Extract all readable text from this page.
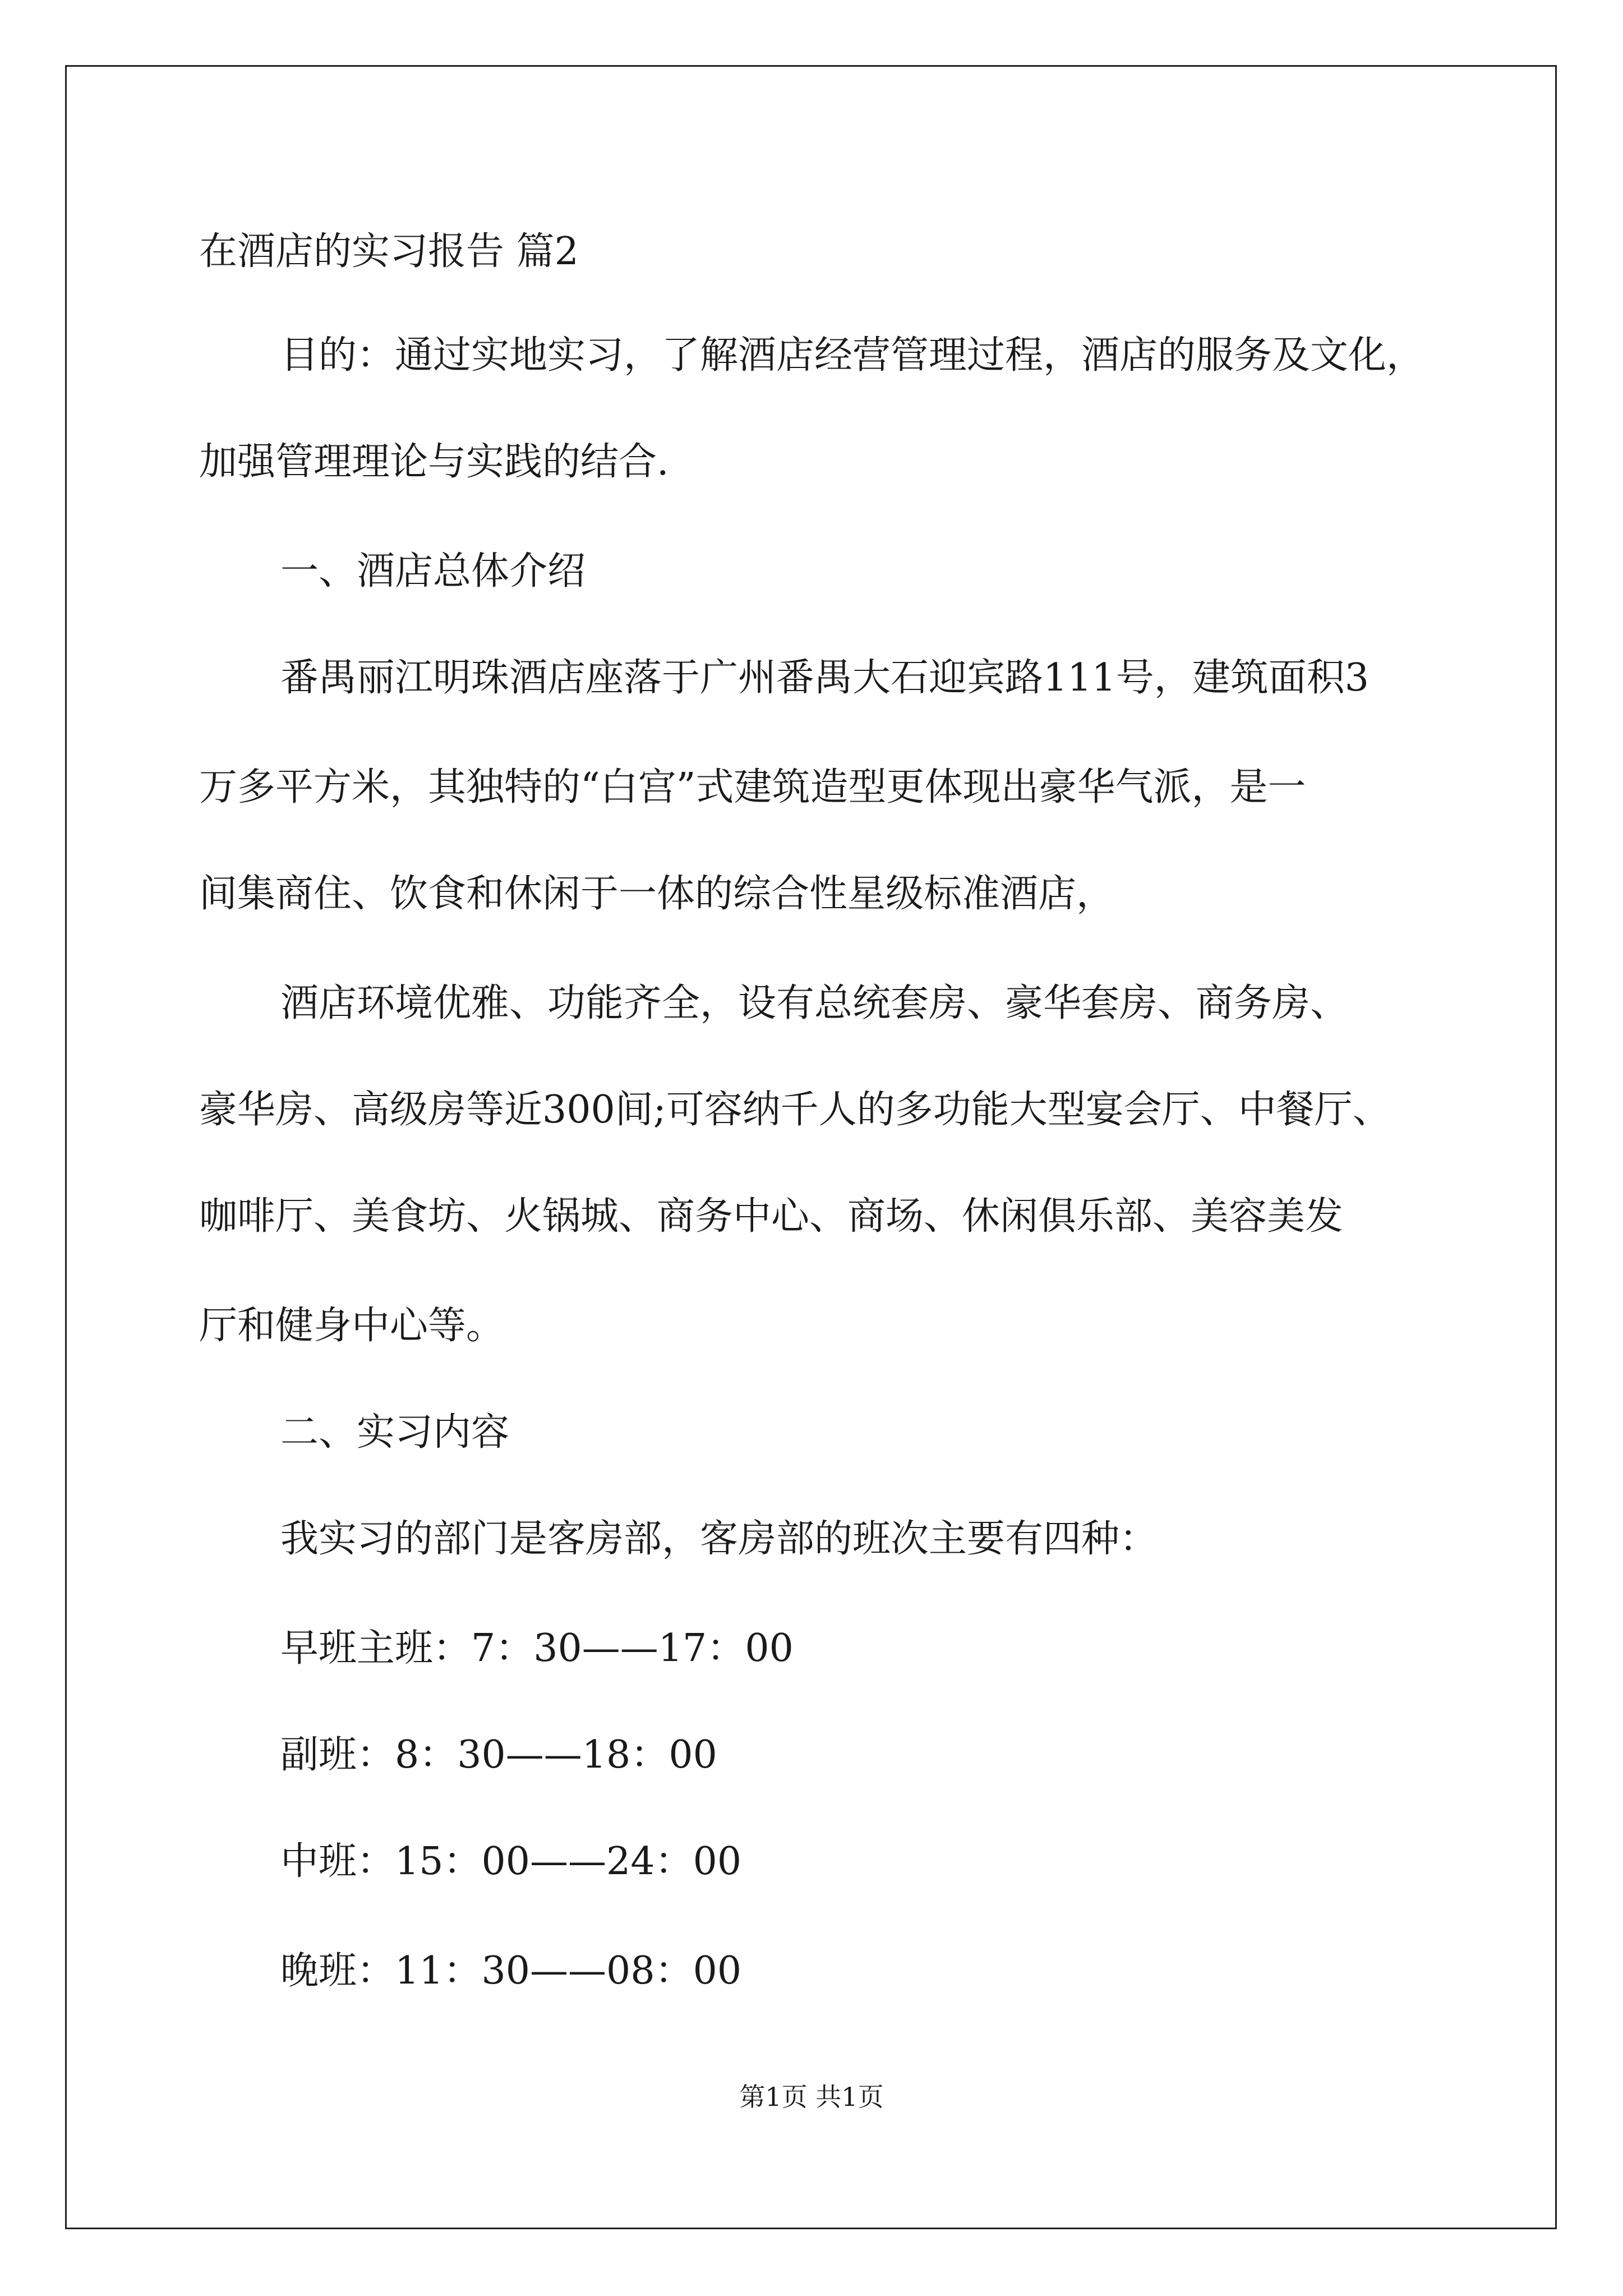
在酒店的实习报告 篇2
目的：通过实地实习，了解酒店经营管理过程，酒店的服务及文化，
加强管理理论与实践的结合.
一、酒店总体介绍
番禺丽江明珠酒店座落于广州番禺大石迎宾路111号，建筑面积3
万多平方米，其独特的“白宫”式建筑造型更体现出豪华气派，是一
间集商住、饮食和休闲于一体的综合性星级标准酒店，
酒店环境优雅、功能齐全，设有总统套房、豪华套房、商务房、
豪华房、高级房等近300间;可容纳千人的多功能大型宴会厅、中餐厅、
咖啡厅、美食坊、火锅城、商务中心、商场、休闲俱乐部、美容美发
厅和健身中心等。
二、实习内容
我实习的部门是客房部，客房部的班次主要有四种：
早班主班：7：30——17：00
副班：8：30——18：00
中班：15：00——24：00
晚班：11：30——08：00
第1页 共1页
